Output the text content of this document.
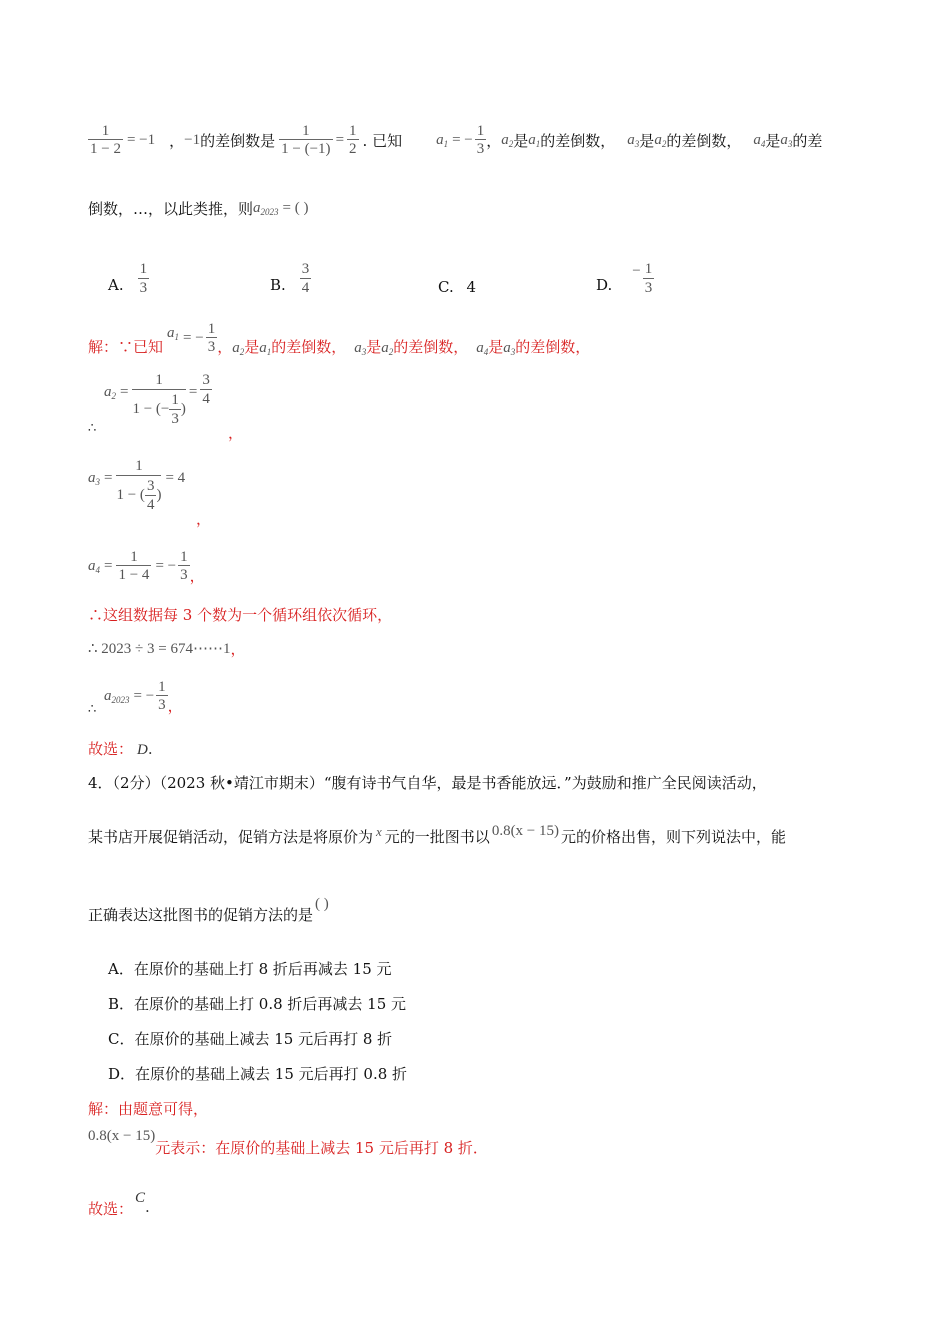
$\frac{1}{1 - 2} = -1$ ， −1 的差倒数是 $\frac{1}{1 - (-1)} = \frac{1}{2}$ . 已知 $a_1$ = − $\frac{1}{3}$ ， $a_2$ 是 $a_1$ 的差倒数， $a_3$ 是 $a_2$ 的差倒数， $a_4$ 是 $a_3$ 的差
倒数，…，以此类推，则 $a_{2023}$ = ( )
A. $\frac{1}{3}$	B. $\frac{3}{4}$	C. 4	D.
− $\frac{1}{3}$
解：∵已知
$a_1$ = − $\frac{1}{3}$ ， $a_2$ 是 $a_1$ 的差倒数， $a_3$ 是 $a_2$ 的差倒数， $a_4$ 是 $a_3$ 的差倒数，
∴
$a_2 = \frac{1}{1 - (- \frac{1}{3} )} = \frac{3}{4}$
，
$a_3 = \frac{1}{1 - ( \frac{3}{4} )} = 4$
，
$a_4 = \frac{1}{1 - 4}$ = − $\frac{1}{3}$ ，
∴这组数据每 3 个数为一个循环组依次循环，
∴ 2023 ÷ 3 = 674⋯⋯1 ，
∴
$a_{2023}$ = − $\frac{1}{3}$ ，
故选： D.
4．（2分）（2023 秋•靖江市期末）“腹有诗书气自华，最是书香能放远．”为鼓励和推广全民阅读活动，
某书店开展促销活动，促销方法是将原价为 x 元的一批图书以 0.8(x − 15) 元的价格出售，则下列说法中，能
正确表达这批图书的促销方法的是
( )
A．在原价的基础上打 8 折后再减去 15 元
B．在原价的基础上打 0.8 折后再减去 15 元
C．在原价的基础上减去 15 元后再打 8 折
D．在原价的基础上减去 15 元后再打 0.8 折
解：由题意可得，
0.8(x − 15)
元表示：在原价的基础上减去 15 元后再打 8 折．
故选：
C .
